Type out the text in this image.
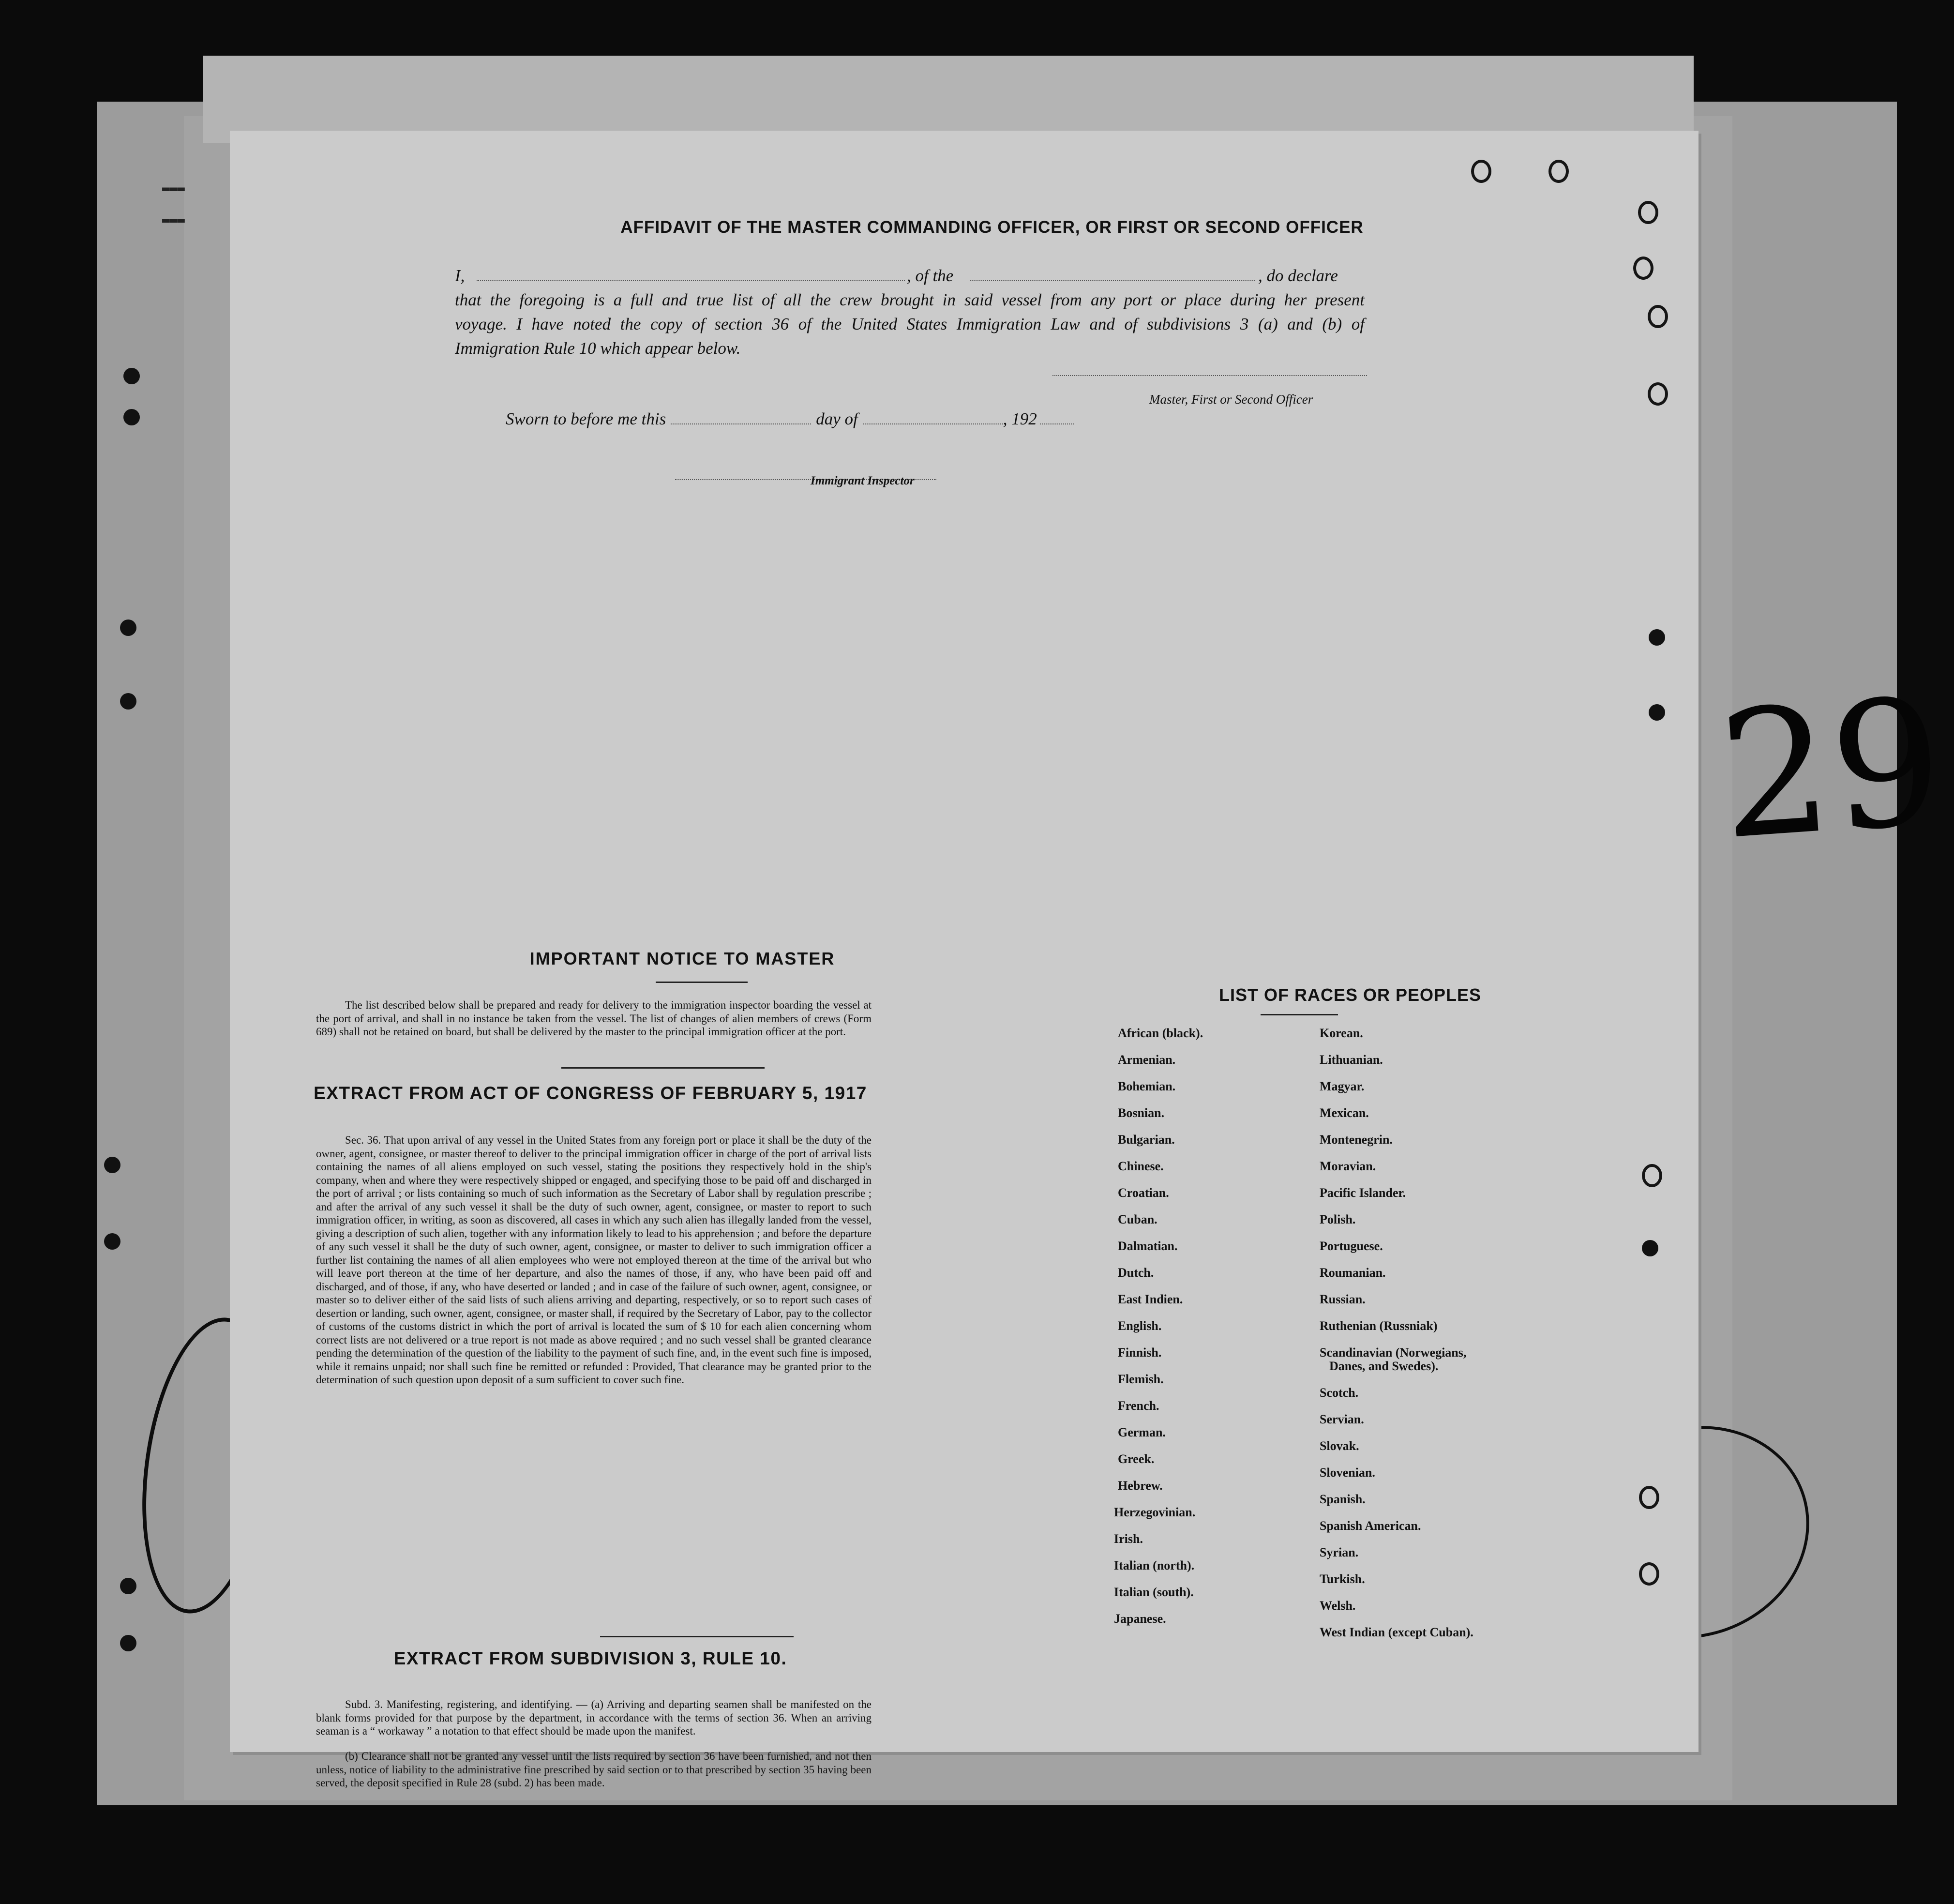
▬▬▬
▬▬▬
29
AFFIDAVIT OF THE MASTER COMMANDING OFFICER, OR FIRST OR SECOND OFFICER
I,	, of the	, do declare
that the foregoing is a full and true list of all the crew brought in said vessel from any port or place during her present
voyage. I have noted the copy of section 36 of the United States Immigration Law and of subdivisions 3 (a) and (b) of
Immigration Rule 10 which appear below.
Master, First or Second Officer
Sworn to before me this	day of	, 192
Immigrant Inspector
IMPORTANT NOTICE TO MASTER
The list described below shall be prepared and ready for delivery to the immigration inspector boarding the vessel at the port of arrival, and shall in no instance be taken from the vessel. The list of changes of alien members of crews (Form 689) shall not be retained on board, but shall be delivered by the master to the principal immigration officer at the port.
EXTRACT FROM ACT OF CONGRESS OF FEBRUARY 5, 1917
Sec. 36. That upon arrival of any vessel in the United States from any foreign port or place it shall be the duty of the owner, agent, consignee, or master thereof to deliver to the principal immigration officer in charge of the port of arrival lists containing the names of all aliens employed on such vessel, stating the positions they respectively hold in the ship's company, when and where they were respectively shipped or engaged, and specifying those to be paid off and discharged in the port of arrival ; or lists containing so much of such information as the Secretary of Labor shall by regulation prescribe ; and after the arrival of any such vessel it shall be the duty of such owner, agent, consignee, or master to report to such immigration officer, in writing, as soon as discovered, all cases in which any such alien has illegally landed from the vessel, giving a description of such alien, together with any information likely to lead to his apprehension ; and before the departure of any such vessel it shall be the duty of such owner, agent, consignee, or master to deliver to such immigration officer a further list containing the names of all alien employees who were not employed thereon at the time of the arrival but who will leave port thereon at the time of her departure, and also the names of those, if any, who have been paid off and discharged, and of those, if any, who have deserted or landed ; and in case of the failure of such owner, agent, consignee, or master so to deliver either of the said lists of such aliens arriving and departing, respectively, or so to report such cases of desertion or landing, such owner, agent, consignee, or master shall, if required by the Secretary of Labor, pay to the collector of customs of the customs district in which the port of arrival is located the sum of $ 10 for each alien concerning whom correct lists are not delivered or a true report is not made as above required ; and no such vessel shall be granted clearance pending the determination of the question of the liability to the payment of such fine, and, in the event such fine is imposed, while it remains unpaid; nor shall such fine be remitted or refunded : Provided, That clearance may be granted prior to the determination of such question upon deposit of a sum sufficient to cover such fine.
EXTRACT FROM SUBDIVISION 3, RULE 10.
Subd. 3. Manifesting, registering, and identifying. — (a) Arriving and departing seamen shall be manifested on the blank forms provided for that purpose by the department, in accordance with the terms of section 36. When an arriving seaman is a “ workaway ” a notation to that effect should be made upon the manifest.
(b) Clearance shall not be granted any vessel until the lists required by section 36 have been furnished, and not then unless, notice of liability to the administrative fine prescribed by said section or to that prescribed by section 35 having been served, the deposit specified in Rule 28 (subd. 2) has been made.
LIST OF RACES OR PEOPLES
African (black).
Armenian.
Bohemian.
Bosnian.
Bulgarian.
Chinese.
Croatian.
Cuban.
Dalmatian.
Dutch.
East Indien.
English.
Finnish.
Flemish.
French.
German.
Greek.
Hebrew.
Herzegovinian.
Irish.
Italian (north).
Italian (south).
Japanese.
Korean.
Lithuanian.
Magyar.
Mexican.
Montenegrin.
Moravian.
Pacific Islander.
Polish.
Portuguese.
Roumanian.
Russian.
Ruthenian (Russniak)
Scandinavian (Norwegians,
Danes, and Swedes).
Scotch.
Servian.
Slovak.
Slovenian.
Spanish.
Spanish American.
Syrian.
Turkish.
Welsh.
West Indian (except Cuban).
